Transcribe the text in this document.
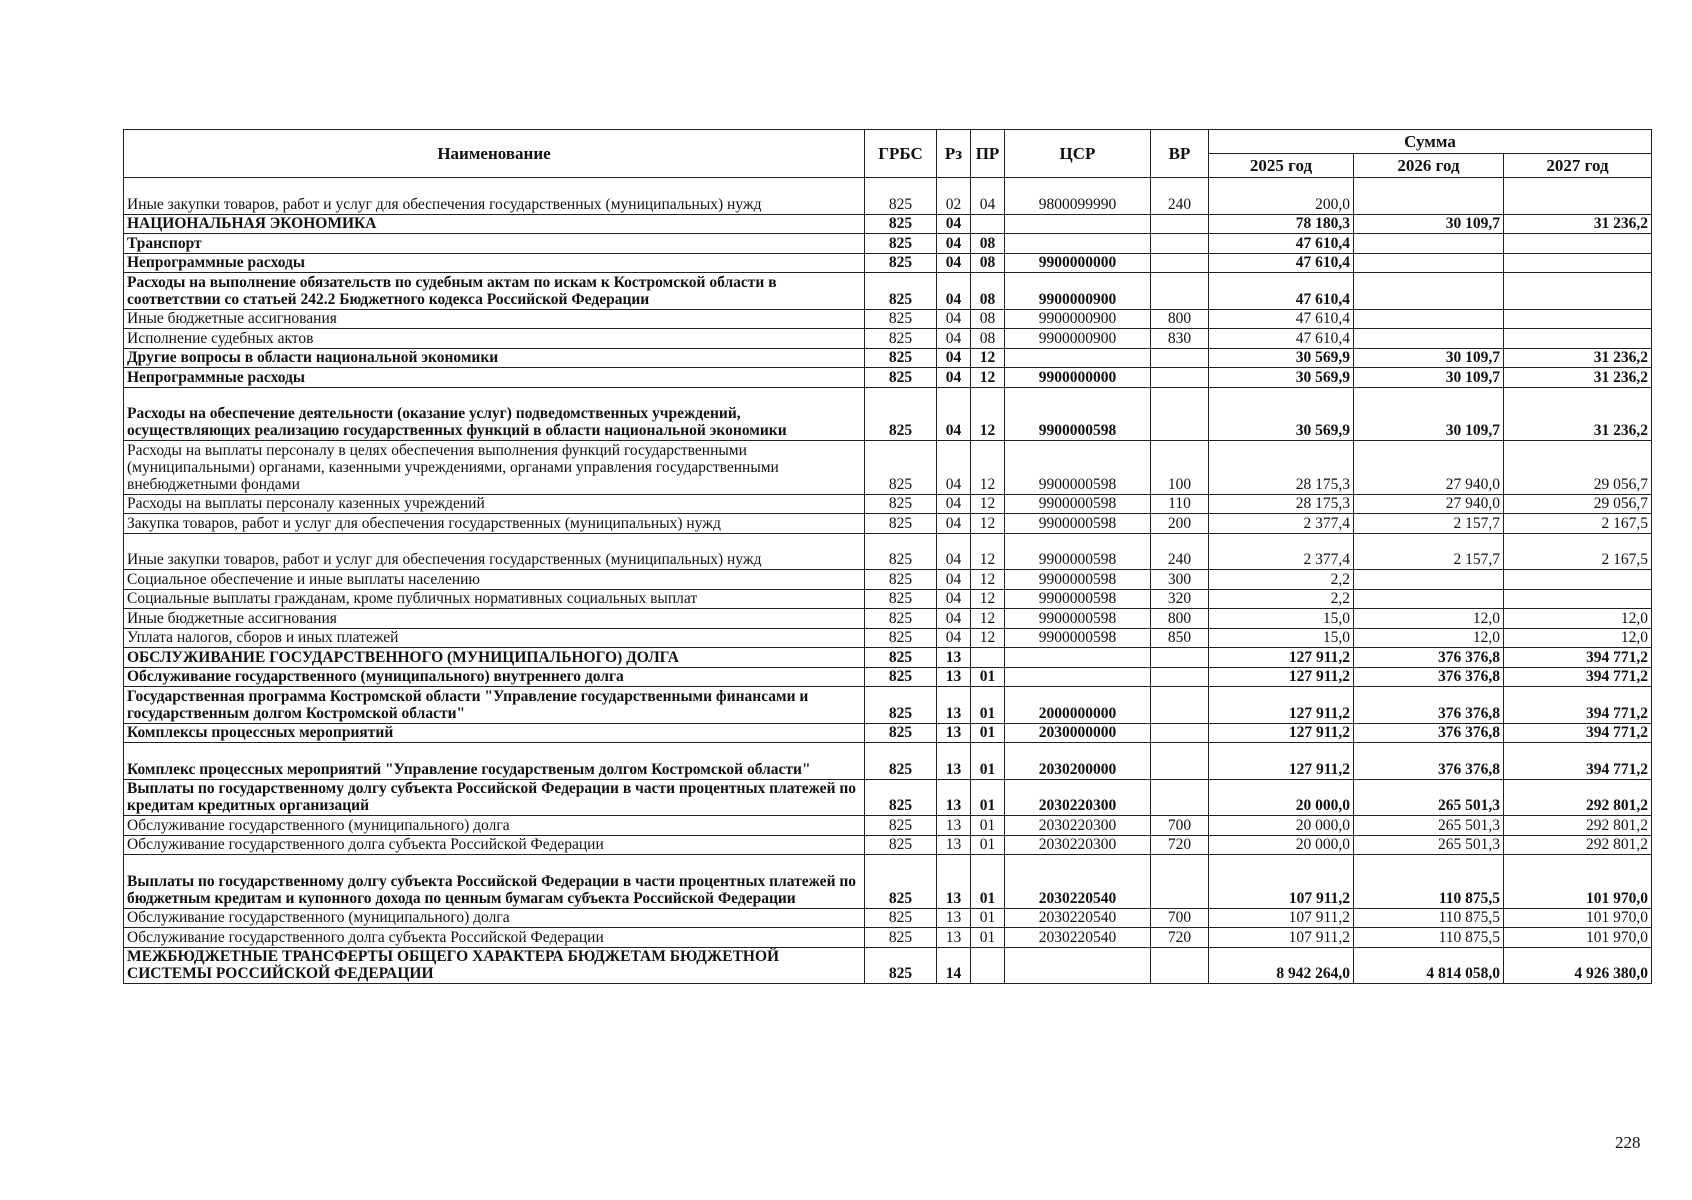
Наименование	ГРБС	Рз	ПР	ЦСР	ВР	Сумма		
						2025 год	2026 год	2027 год
Иные закупки товаров, работ и услуг для обеспечения государственных (муниципальных) нужд	825	02	04	9800099990	240	200,0		
НАЦИОНАЛЬНАЯ ЭКОНОМИКА	825	04				78 180,3	30 109,7	31 236,2
Транспорт	825	04	08			47 610,4		
Непрограммные расходы	825	04	08	9900000000		47 610,4		
Расходы на выполнение обязательств по судебным актам по искам к Костромской области в соответствии со статьей 242.2 Бюджетного кодекса Российской Федерации	825	04	08	9900000900		47 610,4		
Иные бюджетные ассигнования	825	04	08	9900000900	800	47 610,4		
Исполнение судебных актов	825	04	08	9900000900	830	47 610,4		
Другие вопросы в области национальной экономики	825	04	12			30 569,9	30 109,7	31 236,2
Непрограммные расходы	825	04	12	9900000000		30 569,9	30 109,7	31 236,2
Расходы на обеспечение деятельности (оказание услуг) подведомственных учреждений, осуществляющих реализацию государственных функций в области национальной экономики	825	04	12	9900000598		30 569,9	30 109,7	31 236,2
Расходы на выплаты персоналу в целях обеспечения выполнения функций государственными (муниципальными) органами, казенными учреждениями, органами управления государственными внебюджетными фондами	825	04	12	9900000598	100	28 175,3	27 940,0	29 056,7
Расходы на выплаты персоналу казенных учреждений	825	04	12	9900000598	110	28 175,3	27 940,0	29 056,7
Закупка товаров, работ и услуг для обеспечения государственных (муниципальных) нужд	825	04	12	9900000598	200	2 377,4	2 157,7	2 167,5
Иные закупки товаров, работ и услуг для обеспечения государственных (муниципальных) нужд	825	04	12	9900000598	240	2 377,4	2 157,7	2 167,5
Социальное обеспечение и иные выплаты населению	825	04	12	9900000598	300	2,2		
Социальные выплаты гражданам, кроме публичных нормативных социальных выплат	825	04	12	9900000598	320	2,2		
Иные бюджетные ассигнования	825	04	12	9900000598	800	15,0	12,0	12,0
Уплата налогов, сборов и иных платежей	825	04	12	9900000598	850	15,0	12,0	12,0
ОБСЛУЖИВАНИЕ ГОСУДАРСТВЕННОГО (МУНИЦИПАЛЬНОГО) ДОЛГА	825	13				127 911,2	376 376,8	394 771,2
Обслуживание государственного (муниципального) внутреннего долга	825	13	01			127 911,2	376 376,8	394 771,2
Государственная программа Костромской области "Управление государственными финансами и государственным долгом Костромской области"	825	13	01	2000000000		127 911,2	376 376,8	394 771,2
Комплексы процессных мероприятий	825	13	01	2030000000		127 911,2	376 376,8	394 771,2
Комплекс процессных мероприятий "Управление государственым долгом Костромской области"	825	13	01	2030200000		127 911,2	376 376,8	394 771,2
Выплаты по государственному долгу субъекта Российской Федерации в части процентных платежей по кредитам кредитных организаций	825	13	01	2030220300		20 000,0	265 501,3	292 801,2
Обслуживание государственного (муниципального) долга	825	13	01	2030220300	700	20 000,0	265 501,3	292 801,2
Обслуживание государственного долга субъекта Российской Федерации	825	13	01	2030220300	720	20 000,0	265 501,3	292 801,2
Выплаты по государственному долгу субъекта Российской Федерации в части процентных платежей по бюджетным кредитам и купонного дохода по ценным бумагам субъекта Российской Федерации	825	13	01	2030220540		107 911,2	110 875,5	101 970,0
Обслуживание государственного (муниципального) долга	825	13	01	2030220540	700	107 911,2	110 875,5	101 970,0
Обслуживание государственного долга субъекта Российской Федерации	825	13	01	2030220540	720	107 911,2	110 875,5	101 970,0
МЕЖБЮДЖЕТНЫЕ ТРАНСФЕРТЫ ОБЩЕГО ХАРАКТЕРА БЮДЖЕТАМ БЮДЖЕТНОЙ СИСТЕМЫ РОССИЙСКОЙ ФЕДЕРАЦИИ	825	14				8 942 264,0	4 814 058,0	4 926 380,0
228
